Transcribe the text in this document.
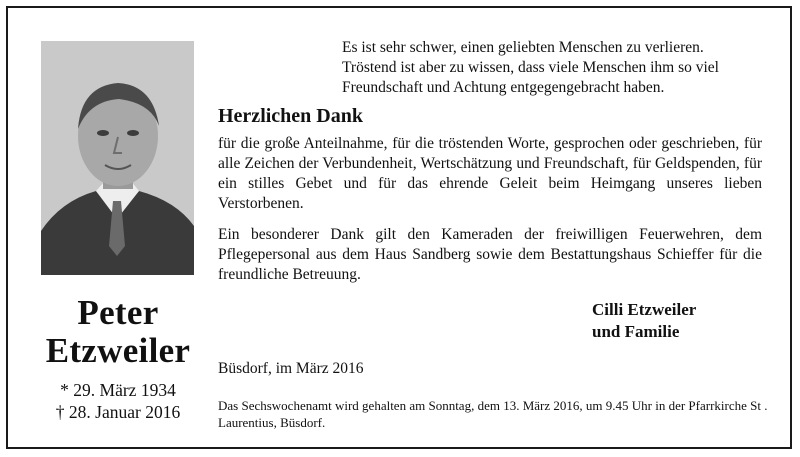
Peter
Etzweiler
* 29. März 1934
† 28. Januar 2016
Es ist sehr schwer, einen geliebten Menschen zu verlieren.
Tröstend ist aber zu wissen, dass viele Menschen ihm so viel
Freundschaft und Achtung entgegengebracht haben.
Herzlichen Dank

für die große Anteilnahme, für die tröstenden Worte, gesprochen oder geschrieben, für alle Zeichen der Verbundenheit, Wertschätzung und Freundschaft, für Geldspenden, für ein stilles Gebet und für das ehrende Geleit beim Heimgang unseres lieben Verstorbenen.

Ein besonderer Dank gilt den Kameraden der freiwilligen Feuerwehren, dem Pflegepersonal aus dem Haus Sandberg sowie dem Bestattungshaus Schieffer für die freundliche Betreuung.

Cilli Etzweiler
und Familie
Büsdorf, im März 2016
Das Sechswochenamt wird gehalten am Sonntag, dem 13. März 2016, um 9.45 Uhr in der Pfarrkirche St . Laurentius, Büsdorf.
